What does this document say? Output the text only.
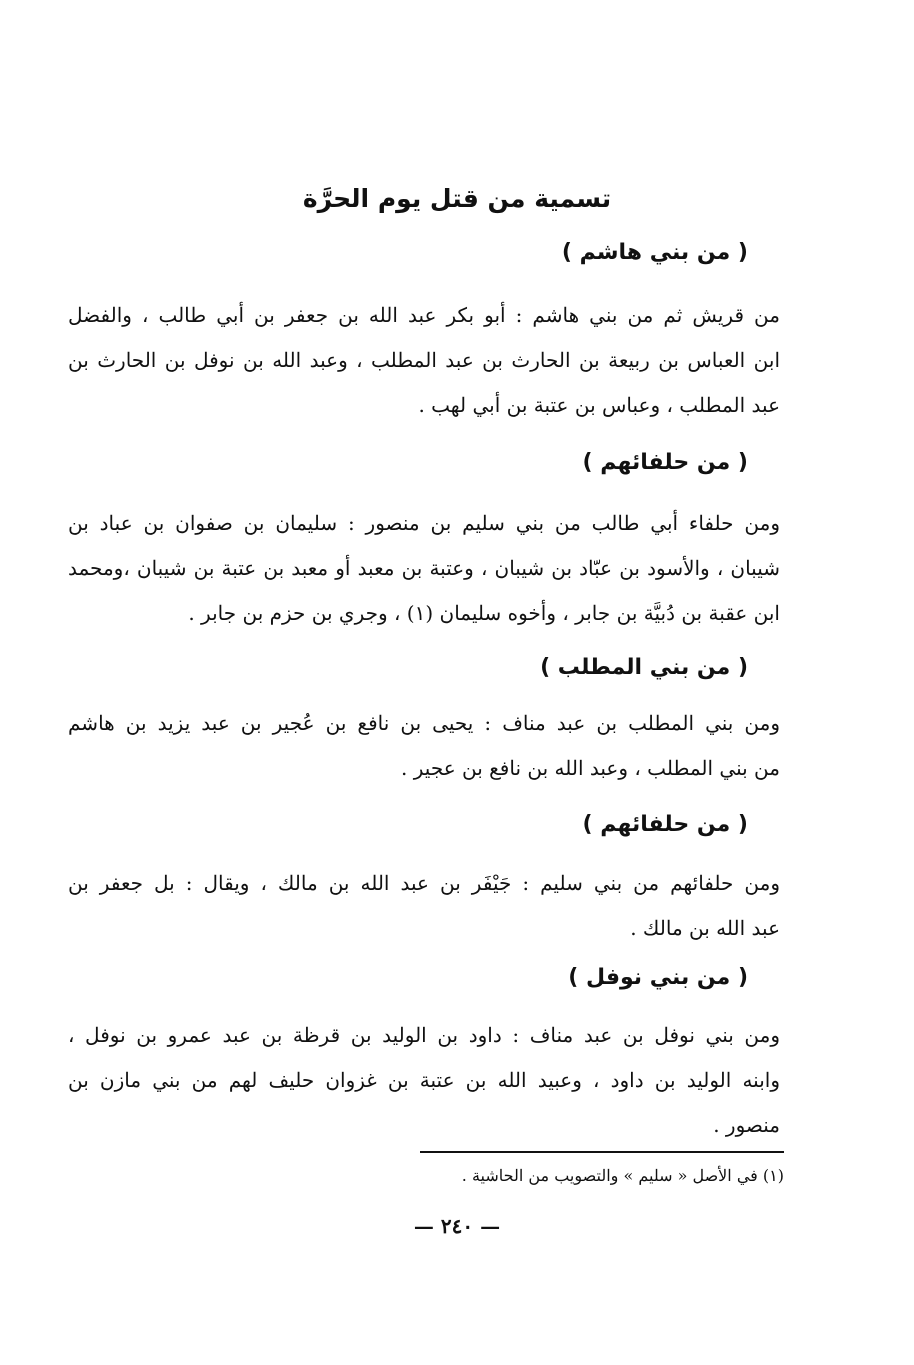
تسمية من قتل يوم الحرَّة
( من بني هاشم )
من قريش ثم من بني هاشم : أبو بكر عبد الله بن جعفر بن أبي طالب ، والفضل
ابن العباس بن ربيعة بن الحارث بن عبد المطلب ، وعبد الله بن نوفل بن الحارث بن
عبد المطلب ، وعباس بن عتبة بن أبي لهب .
( من حلفائهم )
ومن حلفاء أبي طالب من بني سليم بن منصور : سليمان بن صفوان بن عباد بن
شيبان ، والأسود بن عبّاد بن شيبان ، وعتبة بن معبد أو معبد بن عتبة بن شيبان ،ومحمد
ابن عقبة بن دُبيَّة بن جابر ، وأخوه سليمان (١) ، وجري بن حزم بن جابر .
( من بني المطلب )
ومن بني المطلب بن عبد مناف : يحيى بن نافع بن عُجير بن عبد يزيد بن هاشم
من بني المطلب ، وعبد الله بن نافع بن عجير .
( من حلفائهم )
ومن حلفائهم من بني سليم : جَيْفَر بن عبد الله بن مالك ، ويقال : بل جعفر بن
عبد الله بن مالك .
( من بني نوفل )
ومن بني نوفل بن عبد مناف : داود بن الوليد بن قرظة بن عبد عمرو بن نوفل ،
وابنه الوليد بن داود ، وعبيد الله بن عتبة بن غزوان حليف لهم من بني مازن بن
منصور .
(١) في الأصل « سليم » والتصويب من الحاشية .
— ٢٤٠ —
